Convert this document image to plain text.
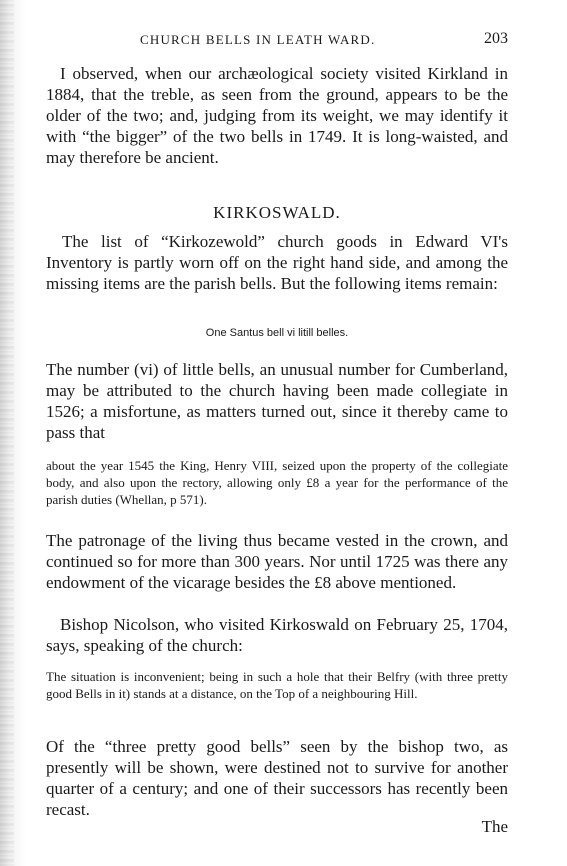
CHURCH BELLS IN LEATH WARD.	203

I observed, when our archæological society visited Kirkland in 1884, that the treble, as seen from the ground, appears to be the older of the two; and, judging from its weight, we may identify it with “the bigger” of the two bells in 1749. It is long-waisted, and may therefore be ancient.

KIRKOSWALD.

The list of “Kirkozewold” church goods in Edward VI's Inventory is partly worn off on the right hand side, and among the missing items are the parish bells. But the following items remain:

One Santus bell vi litill belles.

The number (vi) of little bells, an unusual number for Cumberland, may be attributed to the church having been made collegiate in 1526; a misfortune, as matters turned out, since it thereby came to pass that

about the year 1545 the King, Henry VIII, seized upon the property of the collegiate body, and also upon the rectory, allowing only £8 a year for the performance of the parish duties (Whellan, p 571).

The patronage of the living thus became vested in the crown, and continued so for more than 300 years. Nor until 1725 was there any endowment of the vicarage besides the £8 above mentioned.

Bishop Nicolson, who visited Kirkoswald on February 25, 1704, says, speaking of the church:

The situation is inconvenient; being in such a hole that their Belfry (with three pretty good Bells in it) stands at a distance, on the Top of a neighbouring Hill.

Of the “three pretty good bells” seen by the bishop two, as presently will be shown, were destined not to survive for another quarter of a century; and one of their successors has recently been recast.

The
